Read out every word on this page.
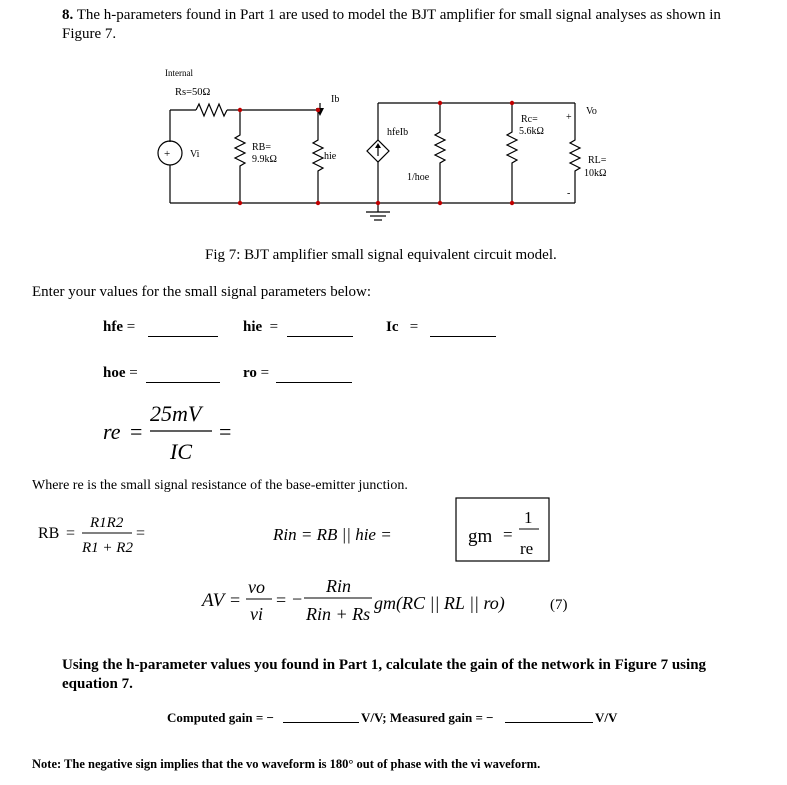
8. The h-parameters found in Part 1 are used to model the BJT amplifier for small signal analyses as shown in Figure 7.
Internal
Rs=50Ω
+ Vi
RB=
9.9kΩ
Ib
hie
hfeIb
1/hoe
Rc=
5.6kΩ
+
Vo
RL=
10kΩ
-
Fig 7: BJT amplifier small signal equivalent circuit model.
Enter your values for the small signal parameters below:
hfe =	hie =	Ic =
hoe =	ro =
re =
25mV
IC
=
Where re is the small signal resistance of the base-emitter junction.
RB =
R1R2
R1 + R2
=	Rin = RB || hie =	gm =
1
re
AV =
vo
vi
= −
Rin
Rin + Rs
gm(RC || RL || ro)	(7)
Using the h-parameter values you found in Part 1, calculate the gain of the network in Figure 7 using equation 7.
Computed gain = −	V/V; Measured gain = −	V/V
Note: The negative sign implies that the vo waveform is 180° out of phase with the vi waveform.
